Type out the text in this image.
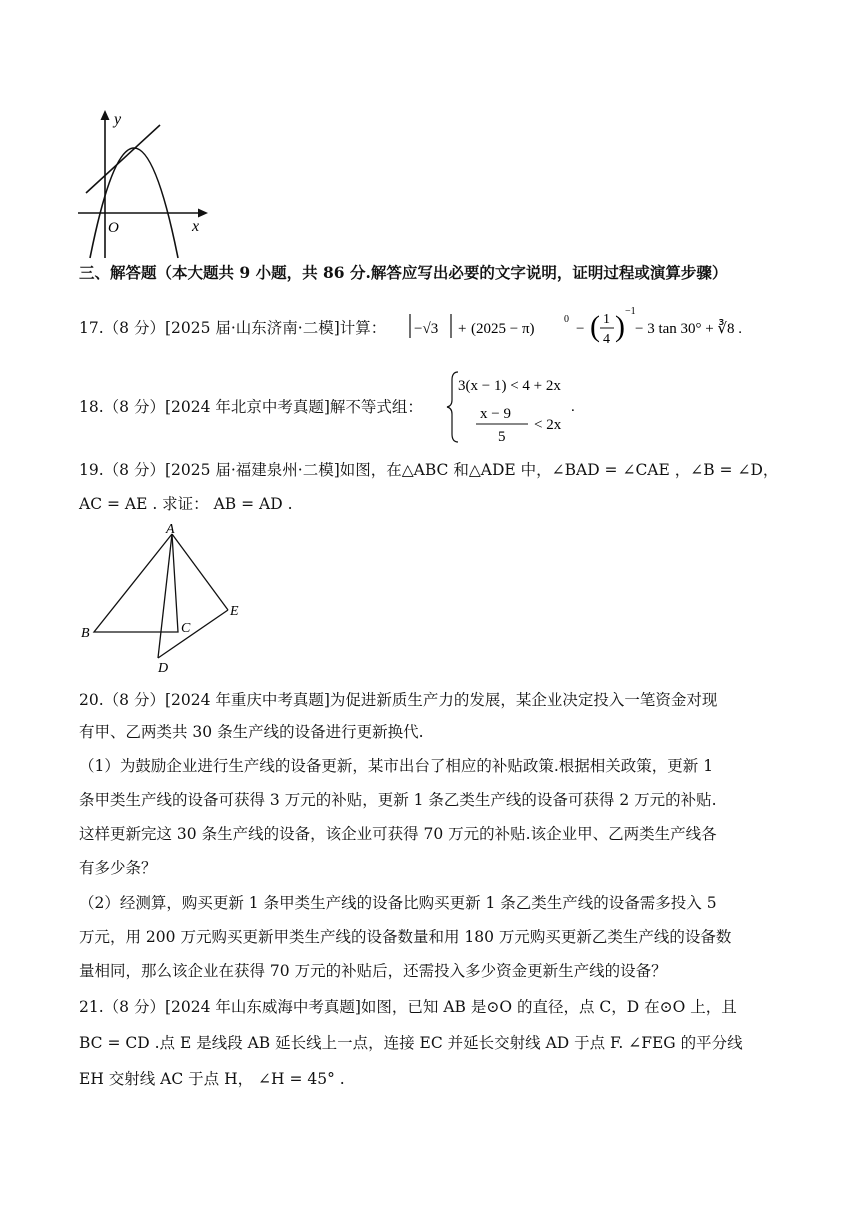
y
x
O
三、解答题（本大题共 9 小题，共 86 分.解答应写出必要的文字说明，证明过程或演算步骤）
17.（8 分）[2025 届·山东济南·二模]计算： −√3 + (2025 − π)
0
− ( 1
4 ) −1
− 3 tan 30° + ∛8 .
18.（8 分）[2024 年北京中考真题]解不等式组：
3(x − 1) < 4 + 2x
x − 9
5
< 2x
.
19.（8 分）[2025 届·福建泉州·二模]如图，在△ABC 和△ADE 中，∠BAD = ∠CAE ，∠B = ∠D，
AC = AE . 求证： AB = AD .
A
B	C
D
E
20.（8 分）[2024 年重庆中考真题]为促进新质生产力的发展，某企业决定投入一笔资金对现
有甲、乙两类共 30 条生产线的设备进行更新换代.
（1）为鼓励企业进行生产线的设备更新，某市出台了相应的补贴政策.根据相关政策，更新 1
条甲类生产线的设备可获得 3 万元的补贴，更新 1 条乙类生产线的设备可获得 2 万元的补贴.
这样更新完这 30 条生产线的设备，该企业可获得 70 万元的补贴.该企业甲、乙两类生产线各
有多少条？
（2）经测算，购买更新 1 条甲类生产线的设备比购买更新 1 条乙类生产线的设备需多投入 5
万元，用 200 万元购买更新甲类生产线的设备数量和用 180 万元购买更新乙类生产线的设备数
量相同，那么该企业在获得 70 万元的补贴后，还需投入多少资金更新生产线的设备？
21.（8 分）[2024 年山东威海中考真题]如图，已知 AB 是⊙O 的直径，点 C，D 在⊙O 上，且
BC = CD .点 E 是线段 AB 延长线上一点，连接 EC 并延长交射线 AD 于点 F. ∠FEG 的平分线
EH 交射线 AC 于点 H， ∠H = 45° .
